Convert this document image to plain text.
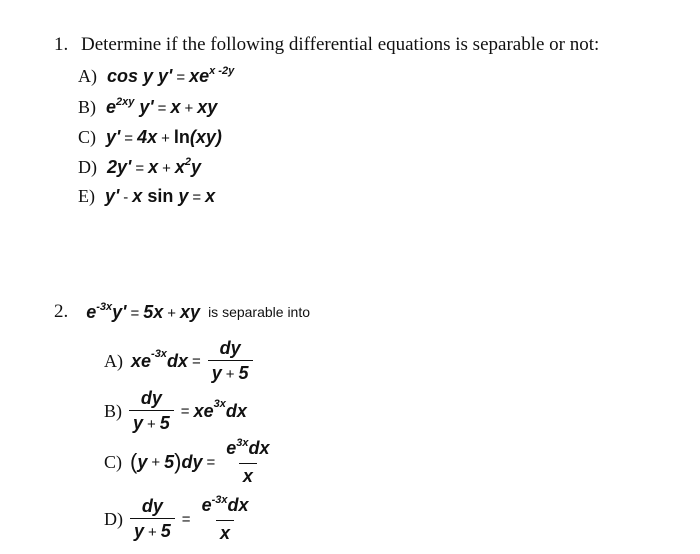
1. Determine if the following differential equations is separable or not:
A) cos y $y' = xe^{x -2y}$
B) $e^{2xy}$ y' = x + xy
C) y' = 4x + ln(xy)
D) $2y' = x + x^2y$
E) y' - x sin y = x
2. $e^{-3x}y' = 5x$ + xy is separable into
A) $xe^{-3x}$ dx = $\frac{dy}{y + 5}$
$B) \frac{dy}{y + 5} = xe^{3x}$ dx
C) ( y + 5 ) dy = $\frac{e^{3x}dx}{x}$
$D) \frac{dy}{y + 5} = \frac{e^{-3x}dx}{x}$
